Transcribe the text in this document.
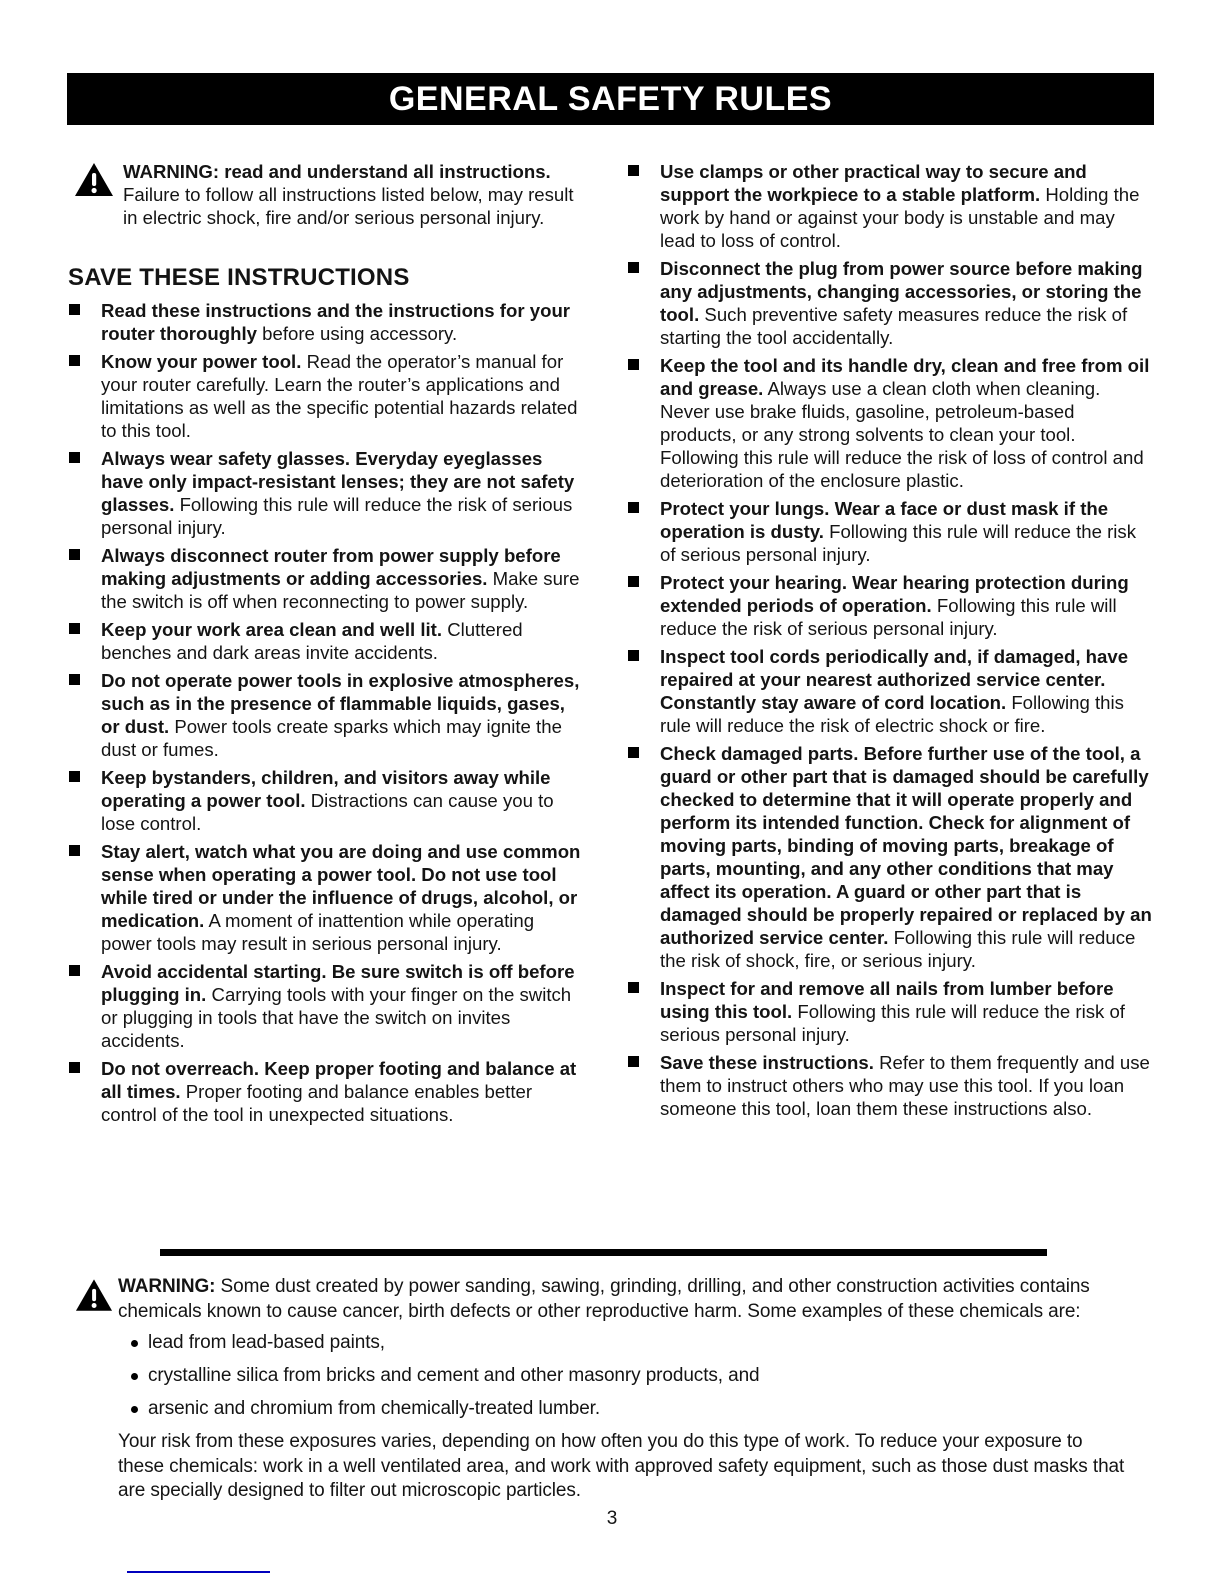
GENERAL SAFETY RULES
WARNING: read and understand all instructions. Failure to follow all instructions listed below, may result in electric shock, fire and/or serious personal injury.
SAVE THESE INSTRUCTIONS
Read these instructions and the instructions for your router thoroughly before using accessory.
Know your power tool. Read the operator’s manual for your router carefully. Learn the router’s applications and limitations as well as the specific potential hazards related to this tool.
Always wear safety glasses. Everyday eyeglasses have only impact-resistant lenses; they are not safety glasses. Following this rule will reduce the risk of serious personal injury.
Always disconnect router from power supply before making adjustments or adding accessories. Make sure the switch is off when reconnecting to power supply.
Keep your work area clean and well lit. Cluttered benches and dark areas invite accidents.
Do not operate power tools in explosive atmospheres, such as in the presence of flammable liquids, gases, or dust. Power tools create sparks which may ignite the dust or fumes.
Keep bystanders, children, and visitors away while operating a power tool. Distractions can cause you to lose control.
Stay alert, watch what you are doing and use common sense when operating a power tool. Do not use tool while tired or under the influence of drugs, alcohol, or medication. A moment of inattention while operating power tools may result in serious personal injury.
Avoid accidental starting. Be sure switch is off before plugging in. Carrying tools with your finger on the switch or plugging in tools that have the switch on invites accidents.
Do not overreach. Keep proper footing and balance at all times. Proper footing and balance enables better control of the tool in unexpected situations.
Use clamps or other practical way to secure and support the workpiece to a stable platform. Holding the work by hand or against your body is unstable and may lead to loss of control.
Disconnect the plug from power source before making any adjustments, changing accessories, or storing the tool. Such preventive safety measures reduce the risk of starting the tool accidentally.
Keep the tool and its handle dry, clean and free from oil and grease. Always use a clean cloth when cleaning. Never use brake fluids, gasoline, petroleum-based products, or any strong solvents to clean your tool. Following this rule will reduce the risk of loss of control and deterioration of the enclosure plastic.
Protect your lungs. Wear a face or dust mask if the operation is dusty. Following this rule will reduce the risk of serious personal injury.
Protect your hearing. Wear hearing protection during extended periods of operation. Following this rule will reduce the risk of serious personal injury.
Inspect tool cords periodically and, if damaged, have repaired at your nearest authorized service center. Constantly stay aware of cord location. Following this rule will reduce the risk of electric shock or fire.
Check damaged parts. Before further use of the tool, a guard or other part that is damaged should be carefully checked to determine that it will operate properly and perform its intended function. Check for alignment of moving parts, binding of moving parts, breakage of parts, mounting, and any other conditions that may affect its operation. A guard or other part that is damaged should be properly repaired or replaced by an authorized service center. Following this rule will reduce the risk of shock, fire, or serious injury.
Inspect for and remove all nails from lumber before using this tool. Following this rule will reduce the risk of serious personal injury.
Save these instructions. Refer to them frequently and use them to instruct others who may use this tool. If you loan someone this tool, loan them these instructions also.
WARNING: Some dust created by power sanding, sawing, grinding, drilling, and other construction activities contains chemicals known to cause cancer, birth defects or other reproductive harm. Some examples of these chemicals are:
lead from lead-based paints,
crystalline silica from bricks and cement and other masonry products, and
arsenic and chromium from chemically-treated lumber.
Your risk from these exposures varies, depending on how often you do this type of work. To reduce your exposure to these chemicals: work in a well ventilated area, and work with approved safety equipment, such as those dust masks that are specially designed to filter out microscopic particles.
3
